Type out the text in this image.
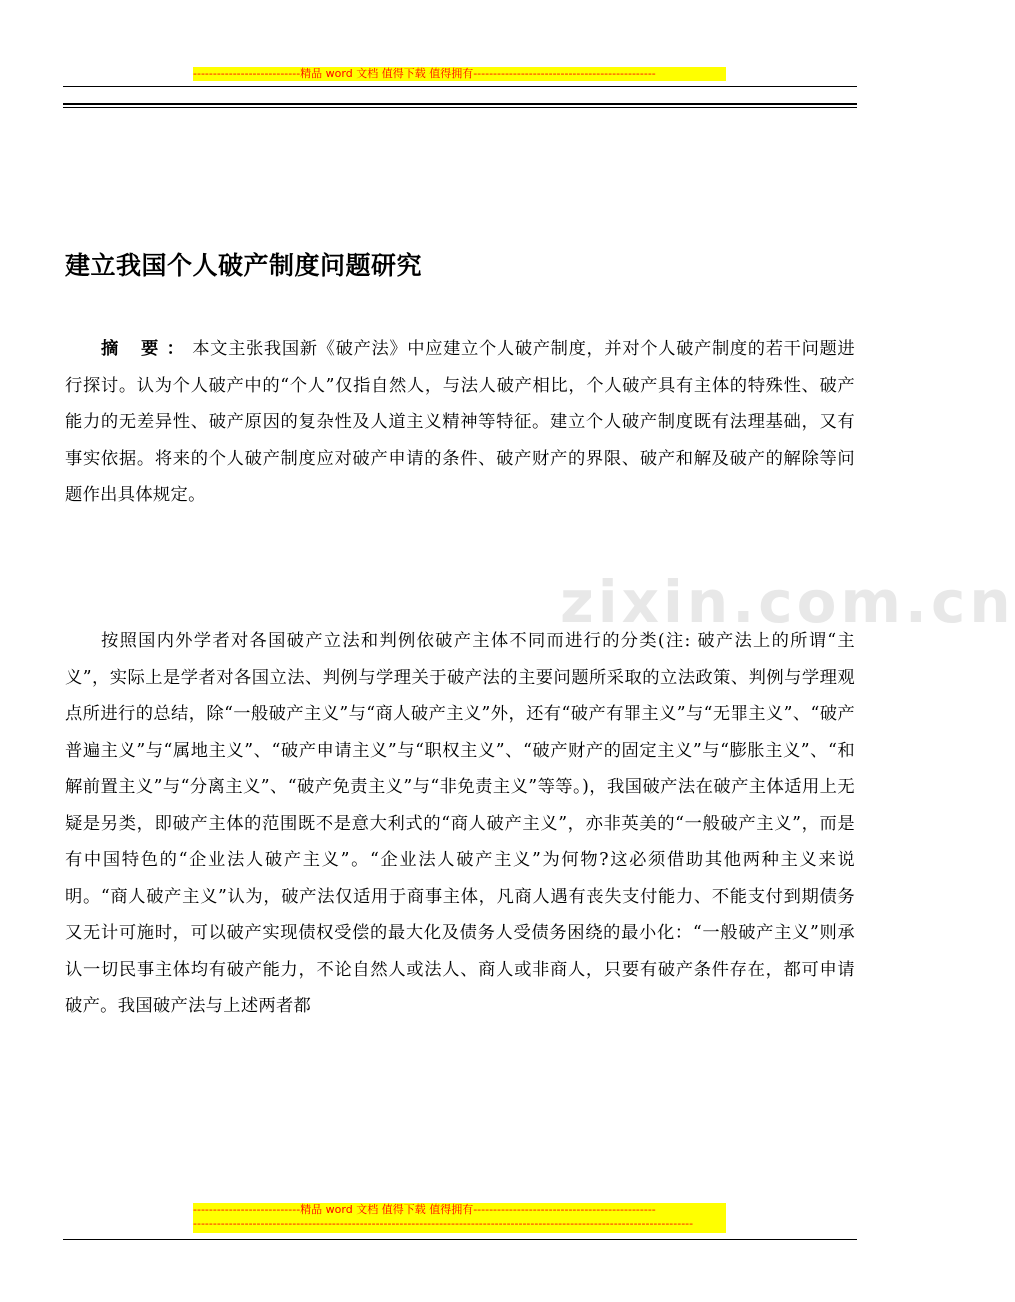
---------------------------精品 word 文档 值得下载 值得拥有----------------------------------------------
zixin.com.cn
建立我国个人破产制度问题研究
摘 要：本文主张我国新《破产法》中应建立个人破产制度，并对个人破产制度的若干问题进行探讨。认为个人破产中的“个人”仅指自然人，与法人破产相比，个人破产具有主体的特殊性、破产能力的无差异性、破产原因的复杂性及人道主义精神等特征。建立个人破产制度既有法理基础，又有事实依据。将来的个人破产制度应对破产申请的条件、破产财产的界限、破产和解及破产的解除等问题作出具体规定。
按照国内外学者对各国破产立法和判例依破产主体不同而进行的分类(注: 破产法上的所谓“主义”，实际上是学者对各国立法、判例与学理关于破产法的主要问题所采取的立法政策、判例与学理观点所进行的总结，除“一般破产主义”与“商人破产主义”外，还有“破产有罪主义”与“无罪主义”、“破产普遍主义”与“属地主义”、“破产申请主义”与“职权主义”、“破产财产的固定主义”与“膨胀主义”、“和解前置主义”与“分离主义”、“破产免责主义”与“非免责主义”等等。)，我国破产法在破产主体适用上无疑是另类，即破产主体的范围既不是意大利式的“商人破产主义”，亦非英美的“一般破产主义”，而是有中国特色的“企业法人破产主义”。“企业法人破产主义”为何物?这必须借助其他两种主义来说明。“商人破产主义”认为，破产法仅适用于商事主体，凡商人遇有丧失支付能力、不能支付到期债务又无计可施时，可以破产实现债权受偿的最大化及债务人受债务困绕的最小化：“一般破产主义”则承认一切民事主体均有破产能力，不论自然人或法人、商人或非商人，只要有破产条件存在，都可申请破产。我国破产法与上述两者都
---------------------------精品 word 文档 值得下载 值得拥有----------------------------------------------
------------------------------------------------------------------------------------------------------------------------------
